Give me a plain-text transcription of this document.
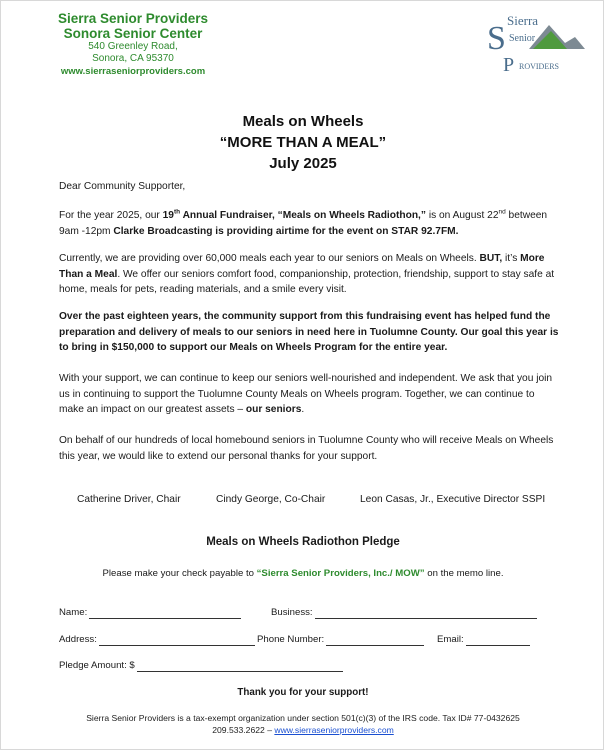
Sierra Senior Providers
Sonora Senior Center
540 Greenley Road,
Sonora, CA 95370
www.sierraseniorproviders.com
S Sierra
Senior
P ROVIDERS
Meals on Wheels
“MORE THAN A MEAL”
July 2025
Dear Community Supporter,
For the year 2025, our 19th Annual Fundraiser, “Meals on Wheels Radiothon,” is on August 22nd between 9am -12pm Clarke Broadcasting is providing airtime for the event on STAR 92.7FM.
Currently, we are providing over 60,000 meals each year to our seniors on Meals on Wheels. BUT, it’s More Than a Meal. We offer our seniors comfort food, companionship, protection, friendship, support to stay safe at home, meals for pets, reading materials, and a smile every visit.
Over the past eighteen years, the community support from this fundraising event has helped fund the preparation and delivery of meals to our seniors in need here in Tuolumne County. Our goal this year is to bring in $150,000 to support our Meals on Wheels Program for the entire year.
With your support, we can continue to keep our seniors well-nourished and independent. We ask that you join us in continuing to support the Tuolumne County Meals on Wheels program. Together, we can continue to make an impact on our greatest assets – our seniors.
On behalf of our hundreds of local homebound seniors in Tuolumne County who will receive Meals on Wheels this year, we would like to extend our personal thanks for your support.
Catherine Driver, Chair	Cindy George, Co-Chair	Leon Casas, Jr., Executive Director SSPI
Meals on Wheels Radiothon Pledge
Please make your check payable to “Sierra Senior Providers, Inc./ MOW” on the memo line.
Name:	Business:
Address:	Phone Number:	Email:
Pledge Amount: $
Thank you for your support!
Sierra Senior Providers is a tax-exempt organization under section 501(c)(3) of the IRS code. Tax ID# 77-0432625
209.533.2622 – www.sierraseniorproviders.com
